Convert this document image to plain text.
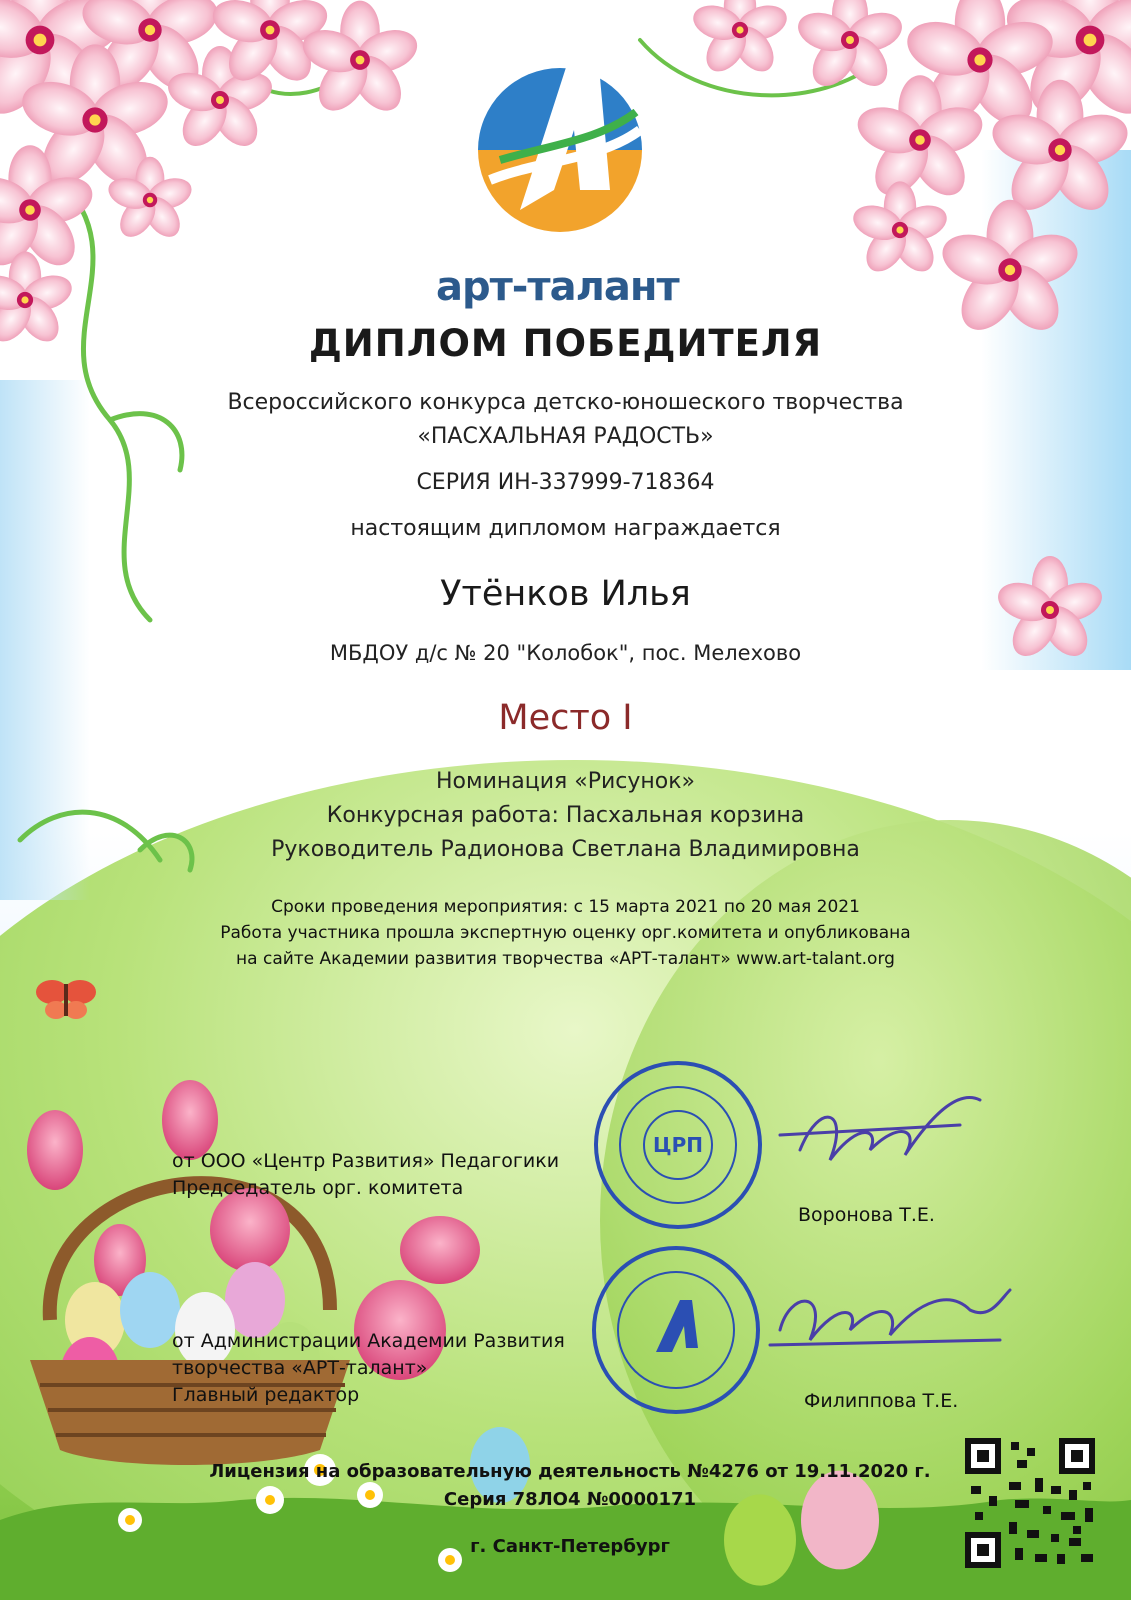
арт-талант
ДИПЛОМ ПОБЕДИТЕЛЯ
Всероссийского конкурса детско-юношеского творчества
«ПАСХАЛЬНАЯ РАДОСТЬ»
СЕРИЯ ИН-337999-718364
настоящим дипломом награждается
Утёнков Илья
МБДОУ д/с № 20 "Колобок", пос. Мелехово
Место I
Номинация «Рисунок»
Конкурсная работа: Пасхальная корзина
Руководитель Радионова Светлана Владимировна
Сроки проведения мероприятия: с 15 марта 2021 по 20 мая 2021
Работа участника прошла экспертную оценку орг.комитета и опубликована
на сайте Академии развития творчества «АРТ-талант» www.art-talant.org
от ООО «Центр Развития» Педагогики
Председатель орг. комитета
Воронова Т.Е.
ЦРП
от Администрации Академии Развития
творчества «АРТ-талант»
Главный редактор	Филиппова Т.Е.
Лицензия на образовательную деятельность №4276 от 19.11.2020 г.
Серия 78ЛО4 №0000171
г. Санкт-Петербург
